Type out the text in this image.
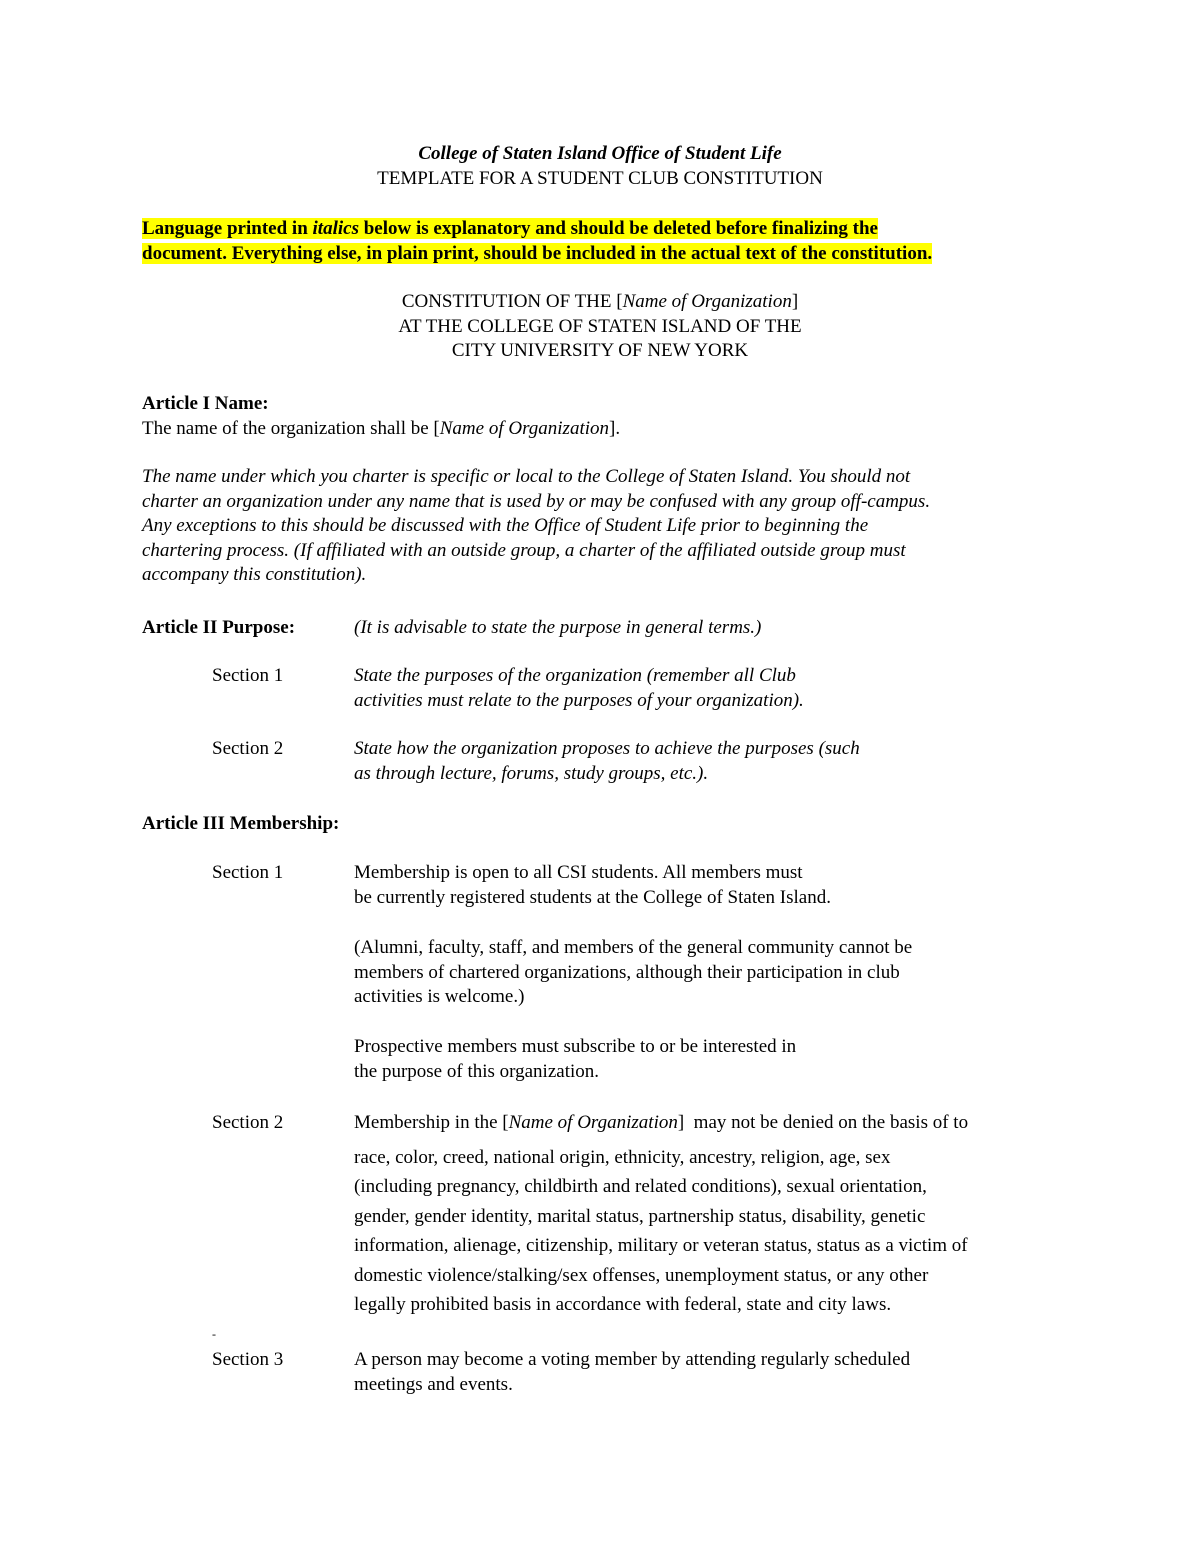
College of Staten Island Office of Student Life
TEMPLATE FOR A STUDENT CLUB CONSTITUTION
Language printed in italics below is explanatory and should be deleted before finalizing the
document. Everything else, in plain print, should be included in the actual text of the constitution.
CONSTITUTION OF THE [Name of Organization]
AT THE COLLEGE OF STATEN ISLAND OF THE
CITY UNIVERSITY OF NEW YORK
Article I Name:
The name of the organization shall be [Name of Organization].
The name under which you charter is specific or local to the College of Staten Island. You should not
charter an organization under any name that is used by or may be confused with any group off-campus.
Any exceptions to this should be discussed with the Office of Student Life prior to beginning the
chartering process. (If affiliated with an outside group, a charter of the affiliated outside group must
accompany this constitution).
Article II Purpose:	(It is advisable to state the purpose in general terms.)
Section 1	State the purposes of the organization (remember all Club
activities must relate to the purposes of your organization).
Section 2	State how the organization proposes to achieve the purposes (such
as through lecture, forums, study groups, etc.).
Article III Membership:
Section 1	Membership is open to all CSI students. All members must
be currently registered students at the College of Staten Island.
(Alumni, faculty, staff, and members of the general community cannot be
members of chartered organizations, although their participation in club
activities is welcome.)
Prospective members must subscribe to or be interested in
the purpose of this organization.
Section 2	Membership in the [Name of Organization]  may not be denied on the basis of to
race, color, creed, national origin, ethnicity, ancestry, religion, age, sex
(including pregnancy, childbirth and related conditions), sexual orientation,
gender, gender identity, marital status, partnership status, disability, genetic
information, alienage, citizenship, military or veteran status, status as a victim of
domestic violence/stalking/sex offenses, unemployment status, or any other
legally prohibited basis in accordance with federal, state and city laws.
-
Section 3	A person may become a voting member by attending regularly scheduled
meetings and events.
